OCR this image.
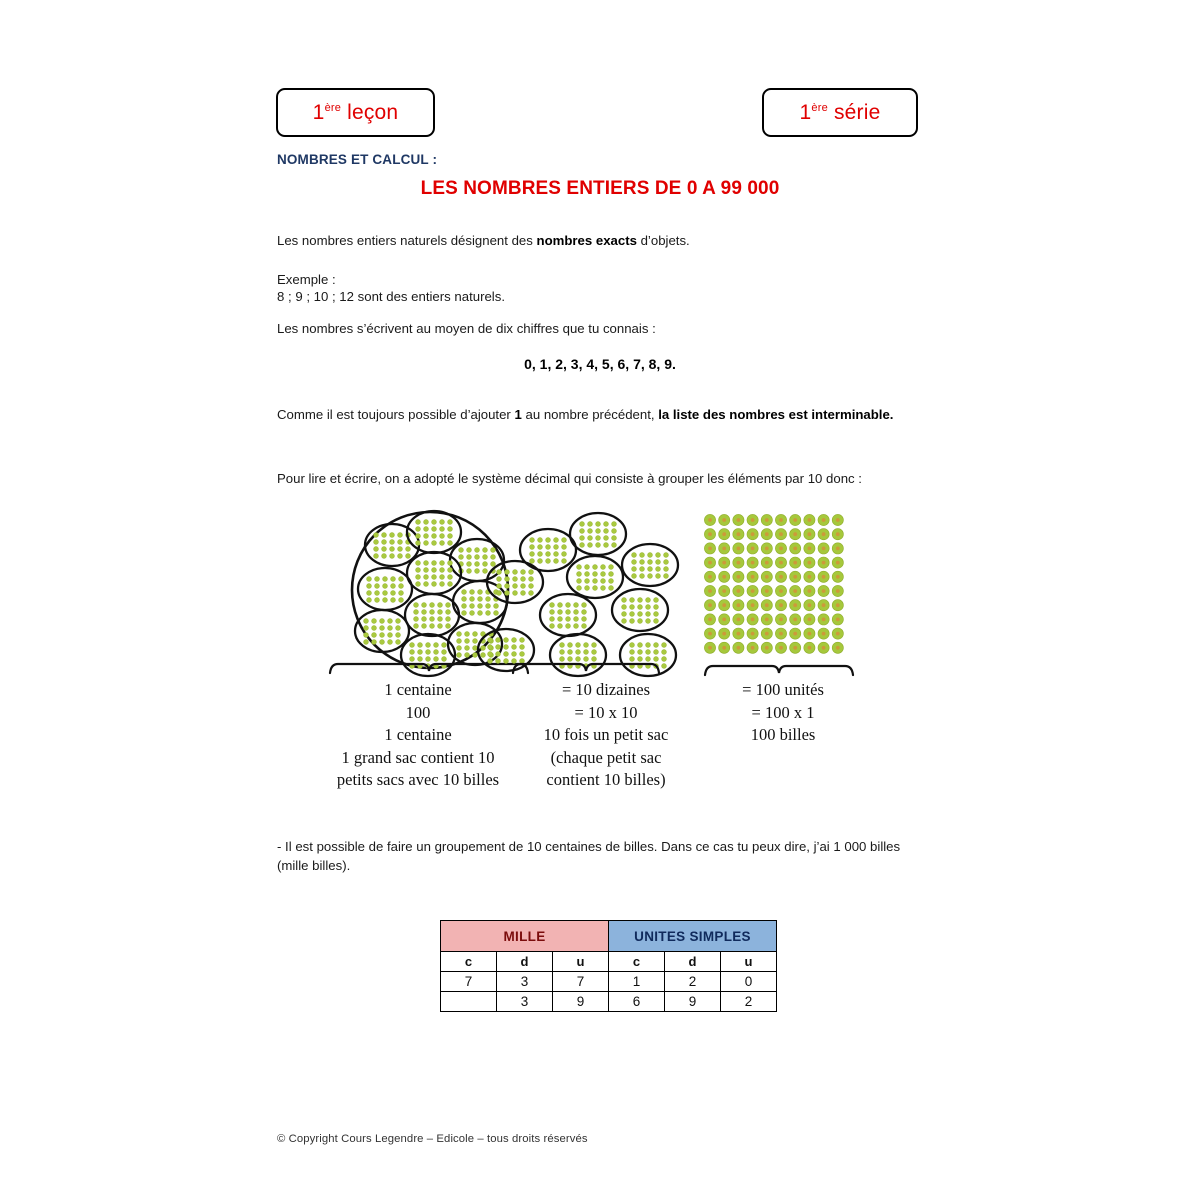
1ère leçon	1ère série
NOMBRES ET CALCUL :
LES NOMBRES ENTIERS DE 0 A 99 000
Les nombres entiers naturels désignent des nombres exacts d’objets.
Exemple :
8 ; 9 ; 10 ; 12 sont des entiers naturels.
Les nombres s’écrivent au moyen de dix chiffres que tu connais :
0, 1, 2, 3, 4, 5, 6, 7, 8, 9.
Comme il est toujours possible d’ajouter 1 au nombre précédent, la liste des nombres est interminable.
Pour lire et écrire, on a adopté le système décimal qui consiste à grouper les éléments par 10 donc :
1 centaine
100
1 centaine
1 grand sac contient 10
petits sacs avec 10 billes
= 10 dizaines
= 10 x 10
10 fois un petit sac
(chaque petit sac
contient 10 billes)
= 100 unités
= 100 x 1
100 billes
- Il est possible de faire un groupement de 10 centaines de billes. Dans ce cas tu peux dire, j’ai 1 000 billes (mille billes).
MILLE			UNITES SIMPLES		
c	d	u	c	d	u
7	3	7	1	2	0
	3	9	6	9	2
© Copyright Cours Legendre – Edicole – tous droits réservés
